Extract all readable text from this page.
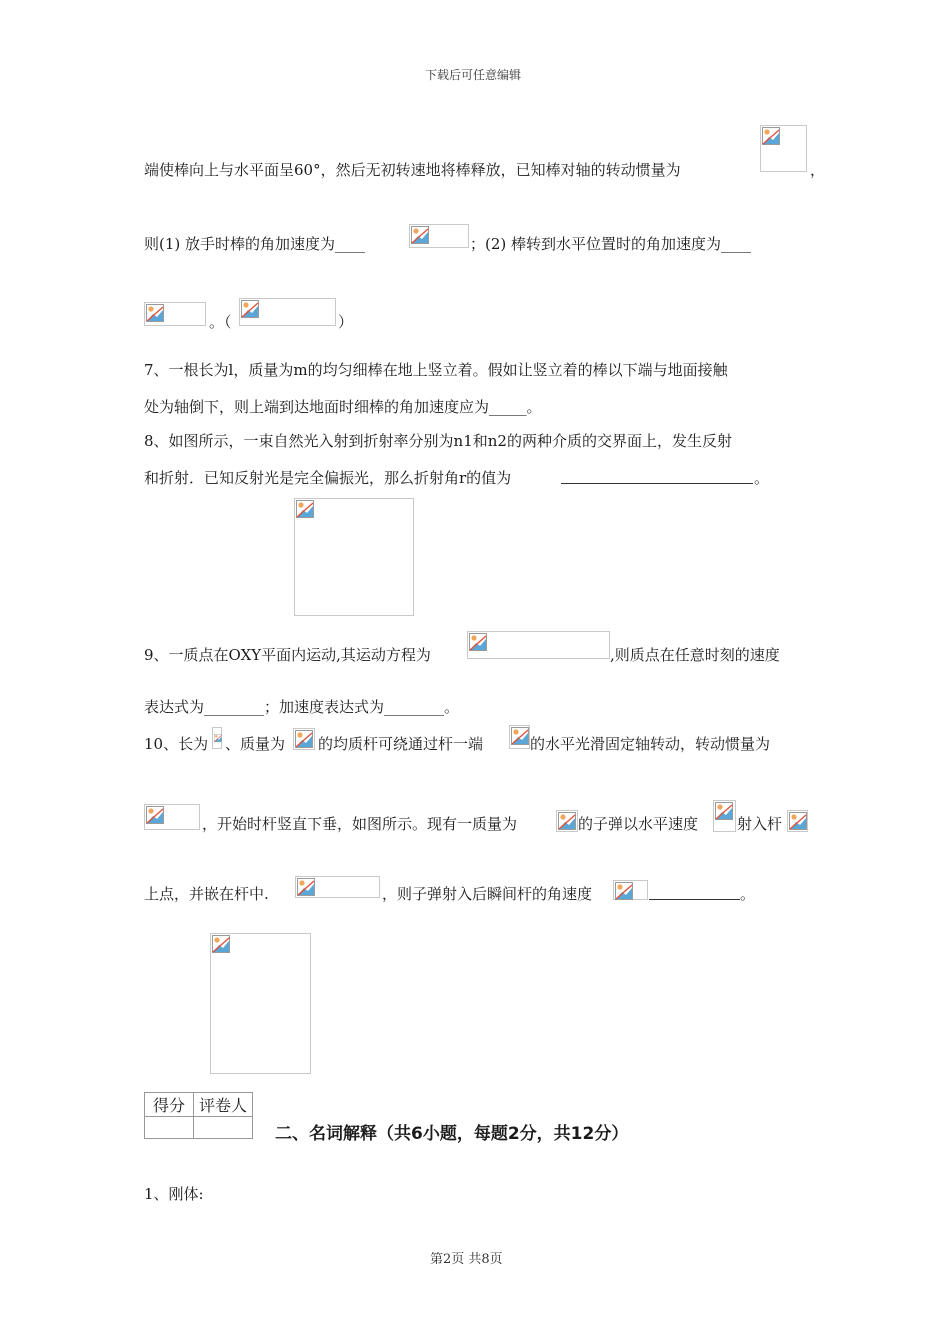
下载后可任意编辑
端使棒向上与水平面呈60°，然后无初转速地将棒释放，已知棒对轴的转动惯量为	，
则(1) 放手时棒的角加速度为____	；(2) 棒转到水平位置时的角加速度为____
。（	）
7、一根长为l，质量为m的均匀细棒在地上竖立着。假如让竖立着的棒以下端与地面接触
处为轴倒下，则上端到达地面时细棒的角加速度应为_____。
8、如图所示，一束自然光入射到折射率分别为n1和n2的两种介质的交界面上，发生反射
和折射．已知反射光是完全偏振光，那么折射角r的值为	。
9、一质点在OXY平面内运动,其运动方程为	,则质点在任意时刻的速度
表达式为________；加速度表达式为________。
10、长为 、质量为 的均质杆可绕通过杆一端	的水平光滑固定轴转动，转动惯量为
，开始时杆竖直下垂，如图所示。现有一质量为	的子弹以水平速度	射入杆
上点，并嵌在杆中.	，则子弹射入后瞬间杆的角速度	。
得分	评卷人

二、名词解释（共6小题，每题2分，共12分）
1、刚体:
第2页 共8页
